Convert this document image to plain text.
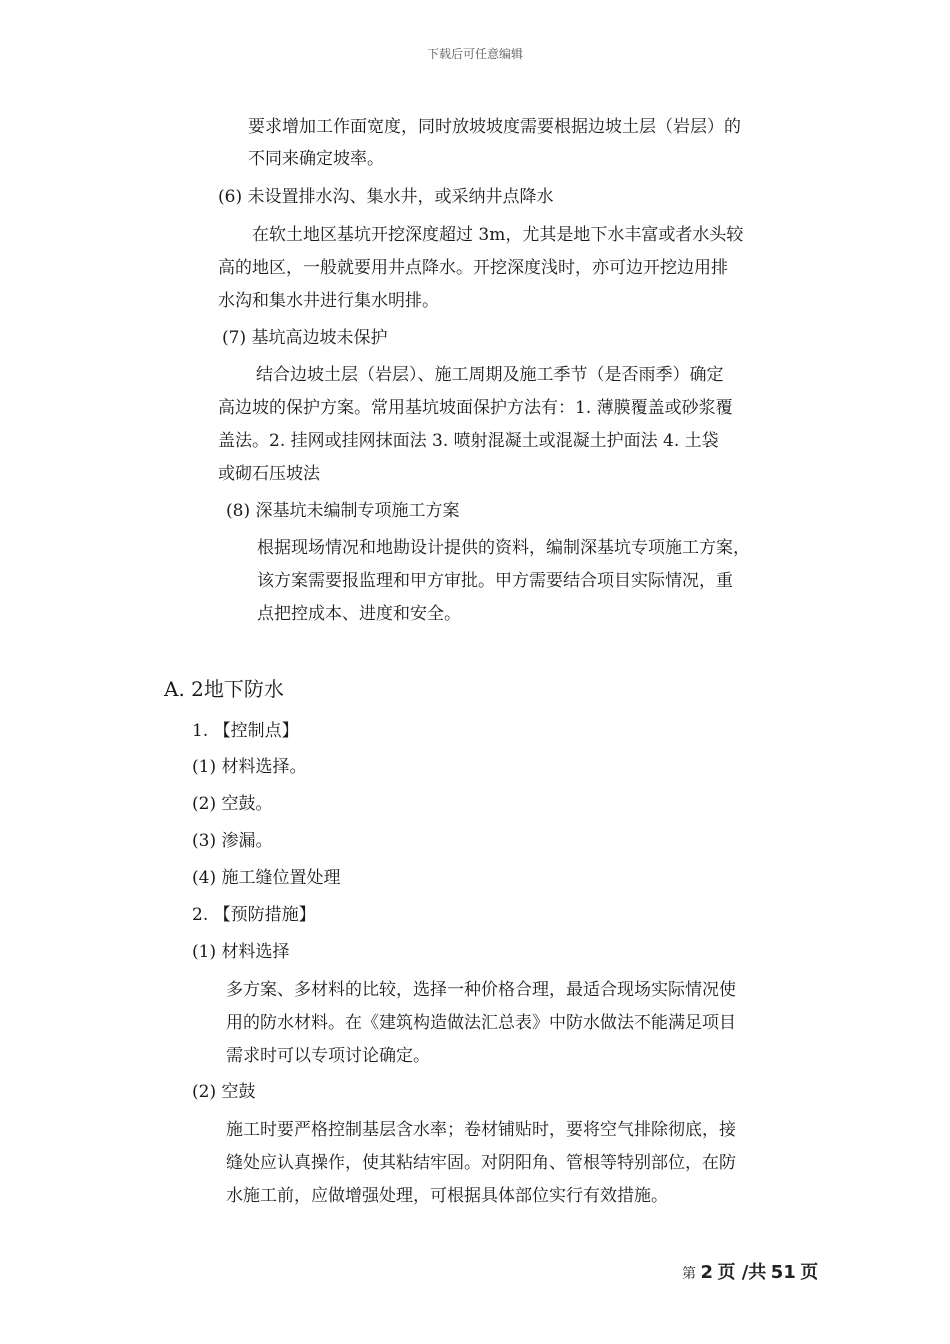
下载后可任意编辑
要求增加工作面宽度，同时放坡坡度需要根据边坡土层（岩层）的
不同来确定坡率。
(6) 未设置排水沟、集水井，或采纳井点降水
在软土地区基坑开挖深度超过 3m，尤其是地下水丰富或者水头较
高的地区，一般就要用井点降水。开挖深度浅时，亦可边开挖边用排
水沟和集水井进行集水明排。
(7) 基坑高边坡未保护
结合边坡土层（岩层）、施工周期及施工季节（是否雨季）确定
高边坡的保护方案。常用基坑坡面保护方法有：1. 薄膜覆盖或砂浆覆
盖法。2. 挂网或挂网抹面法 3. 喷射混凝土或混凝土护面法 4. 土袋
或砌石压坡法
(8) 深基坑未编制专项施工方案
根据现场情况和地勘设计提供的资料，编制深基坑专项施工方案，
该方案需要报监理和甲方审批。甲方需要结合项目实际情况，重
点把控成本、进度和安全。
A. 2地下防水
1. 【控制点】
(1) 材料选择。
(2) 空鼓。
(3) 渗漏。
(4) 施工缝位置处理
2. 【预防措施】
(1) 材料选择
多方案、多材料的比较，选择一种价格合理，最适合现场实际情况使
用的防水材料。在《建筑构造做法汇总表》中防水做法不能满足项目
需求时可以专项讨论确定。
(2) 空鼓
施工时要严格控制基层含水率；卷材铺贴时，要将空气排除彻底，接
缝处应认真操作，使其粘结牢固。对阴阳角、管根等特别部位，在防
水施工前，应做增强处理，可根据具体部位实行有效措施。
第 2 页 /共 51 页
